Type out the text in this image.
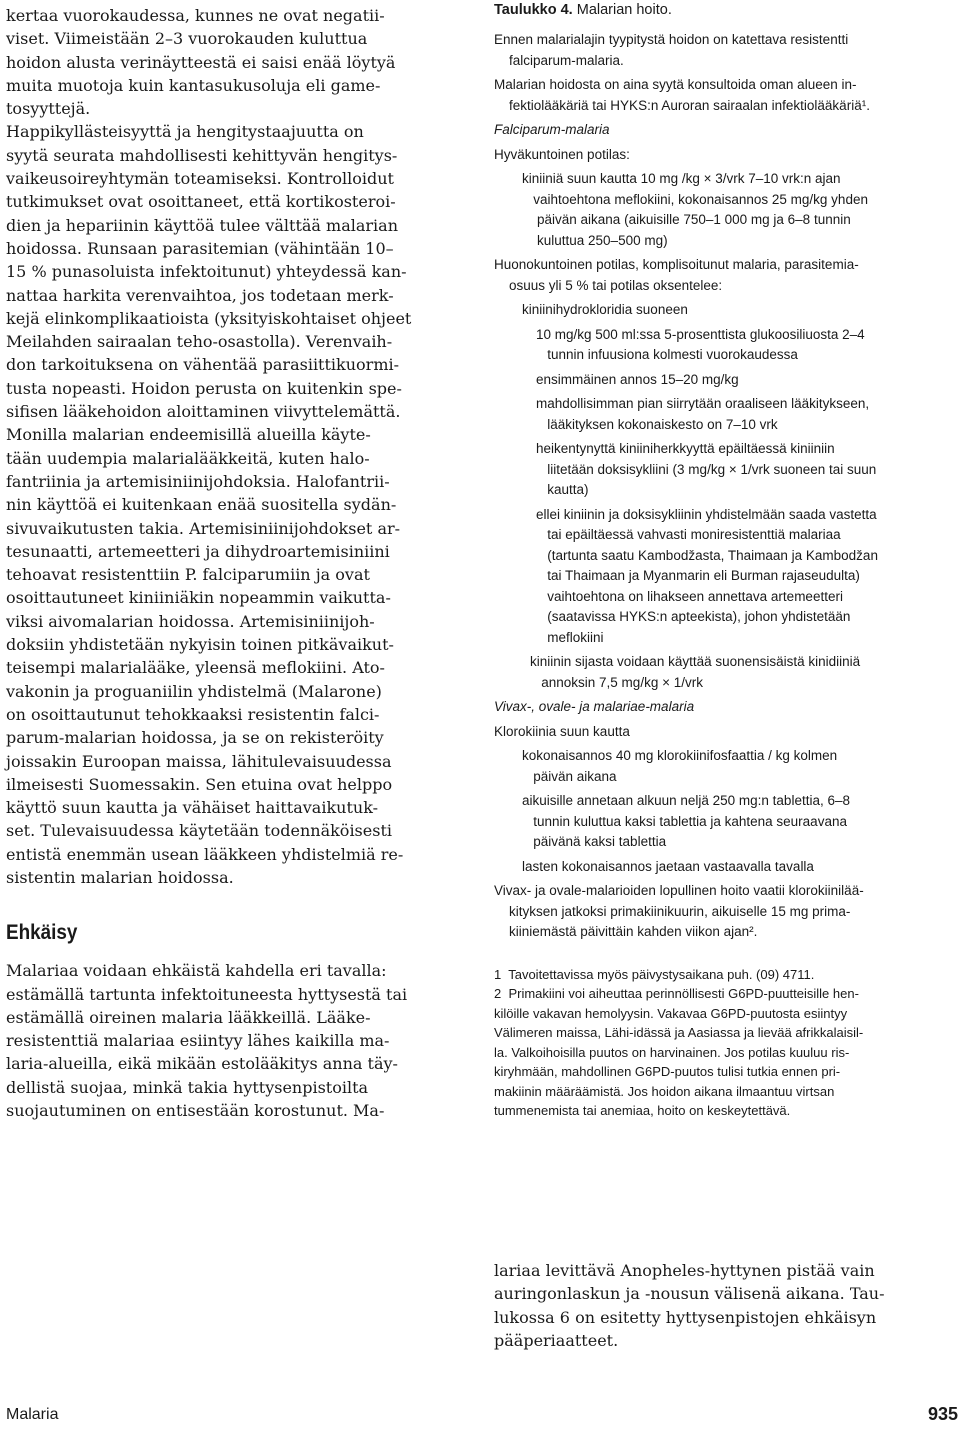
kertaa vuorokaudessa, kunnes ne ovat negatii-
viset. Viimeistään 2–3 vuorokauden kuluttua
hoidon alusta verinäytteestä ei saisi enää löytyä
muita muotoja kuin kantasukusoluja eli game-
tosyyttejä.

Happikyllästeisyyttä ja hengitystaajuutta on
syytä seurata mahdollisesti kehittyvän hengitys-
vaikeusoireyhtymän toteamiseksi. Kontrolloidut
tutkimukset ovat osoittaneet, että kortikosteroi-
dien ja hepariinin käyttöä tulee välttää malarian
hoidossa. Runsaan parasitemian (vähintään 10–
15 % punasoluista infektoitunut) yhteydessä kan-
nattaa harkita verenvaihtoa, jos todetaan merk-
kejä elinkomplikaatioista (yksityiskohtaiset ohjeet
Meilahden sairaalan teho-osastolla). Verenvaih-
don tarkoituksena on vähentää parasiittikuormi-
tusta nopeasti. Hoidon perusta on kuitenkin spe-
sifisen lääkehoidon aloittaminen viivyttelemättä.

Monilla malarian endeemisillä alueilla käyte-
tään uudempia malarialääkkeitä, kuten halo-
fantriinia ja artemisiniinijohdoksia. Halofantrii-
nin käyttöä ei kuitenkaan enää suositella sydän-
sivuvaikutusten takia. Artemisiniinijohdokset ar-
tesunaatti, artemeetteri ja dihydroartemisiniini
tehoavat resistenttiin P. falciparumiin ja ovat
osoittautuneet kiniiniäkin nopeammin vaikutta-
viksi aivomalarian hoidossa. Artemisiniinijoh-
doksiin yhdistetään nykyisin toinen pitkävaikut-
teisempi malarialääke, yleensä meflokiini. Ato-
vakonin ja proguaniilin yhdistelmä (Malarone)
on osoittautunut tehokkaaksi resistentin falci-
parum-malarian hoidossa, ja se on rekisteröity
joissakin Euroopan maissa, lähitulevaisuudessa
ilmeisesti Suomessakin. Sen etuina ovat helppo
käyttö suun kautta ja vähäiset haittavaikutuk-
set. Tulevaisuudessa käytetään todennäköisesti
entistä enemmän usean lääkkeen yhdistelmiä re-
sistentin malarian hoidossa.

Ehkäisy

Malariaa voidaan ehkäistä kahdella eri tavalla:
estämällä tartunta infektoituneesta hyttysestä tai
estämällä oireinen malaria lääkkeillä. Lääke-
resistenttiä malariaa esiintyy lähes kaikilla ma-
laria-alueilla, eikä mikään estolääkitys anna täy-
dellistä suojaa, minkä takia hyttysenpistoilta
suojautuminen on entisestään korostunut. Ma-

Taulukko 4. Malarian hoito.

Ennen malarialajin tyypitystä hoidon on katettava resistentti
falciparum-malaria.

Malarian hoidosta on aina syytä konsultoida oman alueen in-
fektiolääkäriä tai HYKS:n Auroran sairaalan infektiolääkäriä¹.

Falciparum-malaria

Hyväkuntoinen potilas:

kiniiniä suun kautta 10 mg /kg × 3/vrk 7–10 vrk:n ajan
vaihtoehtona meflokiini, kokonaisannos 25 mg/kg yhden
päivän aikana (aikuisille 750–1 000 mg ja 6–8 tunnin
kuluttua 250–500 mg)

Huonokuntoinen potilas, komplisoitunut malaria, parasitemia-
osuus yli 5 % tai potilas oksentelee:

kiniinihydrokloridia suoneen

10 mg/kg 500 ml:ssa 5-prosenttista glukoosiliuosta 2–4
tunnin infuusiona kolmesti vuorokaudessa

ensimmäinen annos 15–20 mg/kg

mahdollisimman pian siirrytään oraaliseen lääkitykseen,
lääkityksen kokonaiskesto on 7–10 vrk

heikentynyttä kiniiniherkkyyttä epäiltäessä kiniiniin
liitetään doksisykliini (3 mg/kg × 1/vrk suoneen tai suun
kautta)

ellei kiniinin ja doksisykliinin yhdistelmään saada vastetta
tai epäiltäessä vahvasti moniresistenttiä malariaa
(tartunta saatu Kambodžasta, Thaimaan ja Kambodžan
tai Thaimaan ja Myanmarin eli Burman rajaseudulta)
vaihtoehtona on lihakseen annettava artemeetteri
(saatavissa HYKS:n apteekista), johon yhdistetään
meflokiini

kiniinin sijasta voidaan käyttää suonensisäistä kinidiiniä
annoksin 7,5 mg/kg × 1/vrk

Vivax-, ovale- ja malariae-malaria

Klorokiinia suun kautta

kokonaisannos 40 mg klorokiinifosfaattia / kg kolmen
päivän aikana

aikuisille annetaan alkuun neljä 250 mg:n tablettia, 6–8
tunnin kuluttua kaksi tablettia ja kahtena seuraavana
päivänä kaksi tablettia

lasten kokonaisannos jaetaan vastaavalla tavalla

Vivax- ja ovale-malarioiden lopullinen hoito vaatii klorokiinilää-
kityksen jatkoksi primakiinikuurin, aikuiselle 15 mg prima-
kiiniemästä päivittäin kahden viikon ajan².

1  Tavoitettavissa myös päivystysaikana puh. (09) 4711.

2  Primakiini voi aiheuttaa perinnöllisesti G6PD-puutteisille hen-
kilöille vakavan hemolyysin. Vakavaa G6PD-puutosta esiintyy
Välimeren maissa, Lähi-idässä ja Aasiassa ja lievää afrikkalaisil-
la. Valkoihoisilla puutos on harvinainen. Jos potilas kuuluu ris-
kiryhmään, mahdollinen G6PD-puutos tulisi tutkia ennen pri-
makiinin määräämistä. Jos hoidon aikana ilmaantuu virtsan
tummenemista tai anemiaa, hoito on keskeytettävä.

lariaa levittävä Anopheles-hyttynen pistää vain
auringonlaskun ja -nousun välisenä aikana. Tau-
lukossa 6 on esitetty hyttysenpistojen ehkäisyn
pääperiaatteet.

Malaria	935
